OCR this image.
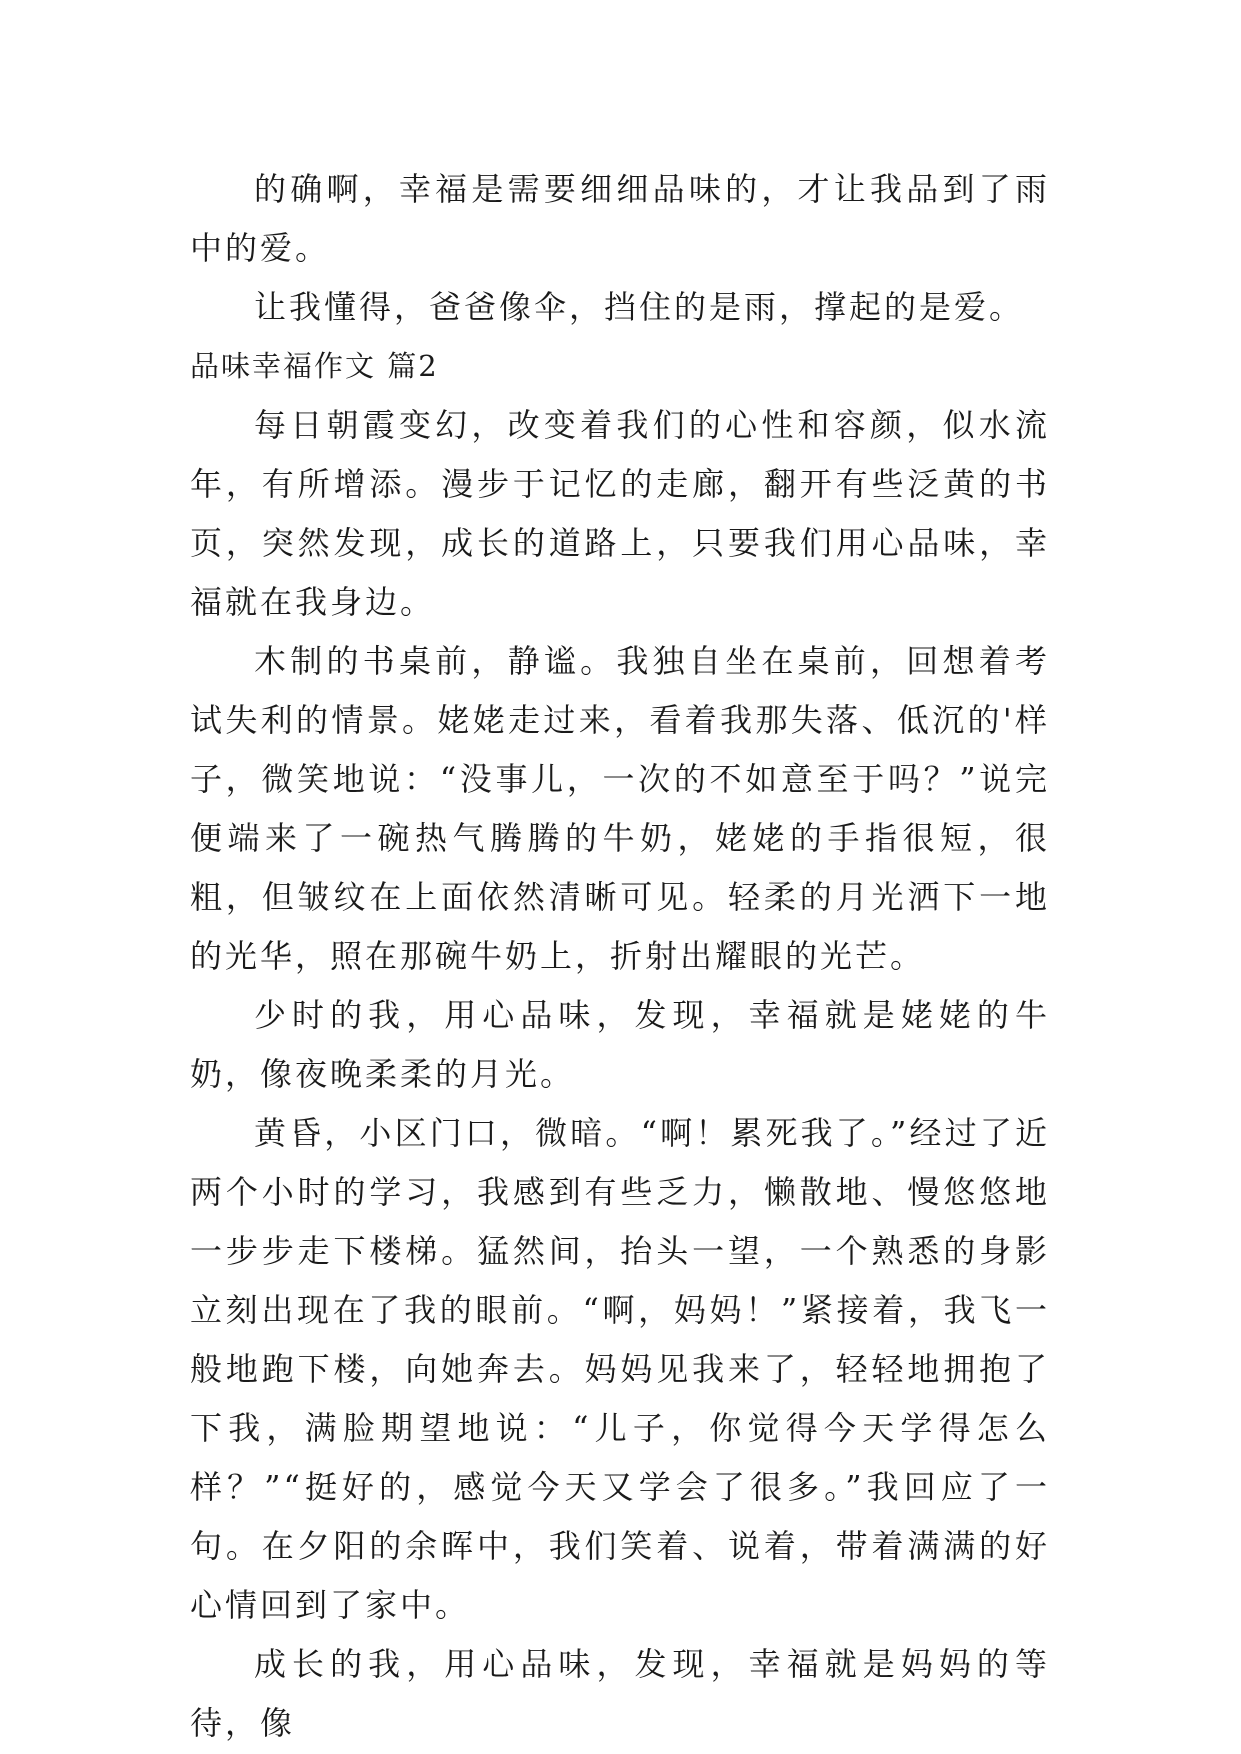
的确啊，幸福是需要细细品味的，才让我品到了雨中的爱。

让我懂得，爸爸像伞，挡住的是雨，撑起的是爱。

品味幸福作文 篇2

每日朝霞变幻，改变着我们的心性和容颜，似水流年，有所增添。漫步于记忆的走廊，翻开有些泛黄的书页，突然发现，成长的道路上，只要我们用心品味，幸福就在我身边。

木制的书桌前，静谧。我独自坐在桌前，回想着考试失利的情景。姥姥走过来，看着我那失落、低沉的'样子，微笑地说：“没事儿，一次的不如意至于吗？”说完便端来了一碗热气腾腾的牛奶，姥姥的手指很短，很粗，但皱纹在上面依然清晰可见。轻柔的月光洒下一地的光华，照在那碗牛奶上，折射出耀眼的光芒。

少时的我，用心品味，发现，幸福就是姥姥的牛奶，像夜晚柔柔的月光。

黄昏，小区门口，微暗。“啊！累死我了。”经过了近两个小时的学习，我感到有些乏力，懒散地、慢悠悠地一步步走下楼梯。猛然间，抬头一望，一个熟悉的身影立刻出现在了我的眼前。“啊，妈妈！”紧接着，我飞一般地跑下楼，向她奔去。妈妈见我来了，轻轻地拥抱了下我，满脸期望地说：“儿子，你觉得今天学得怎么样？”“挺好的，感觉今天又学会了很多。”我回应了一句。在夕阳的余晖中，我们笑着、说着，带着满满的好心情回到了家中。

成长的我，用心品味，发现，幸福就是妈妈的等待，像
